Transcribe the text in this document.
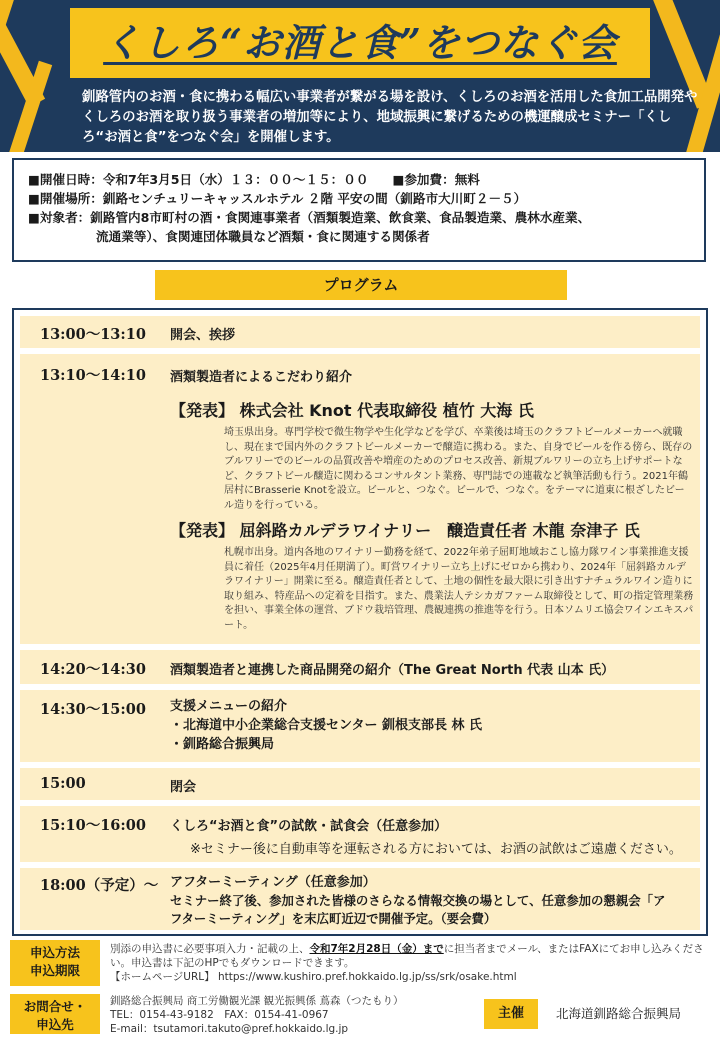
くしろ“お酒と食”をつなぐ会
釧路管内のお酒・食に携わる幅広い事業者が繋がる場を設け、くしろのお酒を活用した食加工品開発やくしろのお酒を取り扱う事業者の増加等により、地域振興に繋げるための機運醸成セミナー「くしろ“お酒と食”をつなぐ会」を開催します。
■開催日時：令和7年3月5日（水）１３：００～１５：００ ■参加費：無料
■開催場所：釧路センチュリーキャッスルホテル ２階 平安の間（釧路市大川町２－５）
■対象者：釧路管内8市町村の酒・食関連事業者（酒類製造業、飲食業、食品製造業、農林水産業、
流通業等）、食関連団体職員など酒類・食に関連する関係者
プログラム
13:00～13:10 開会、挨拶
13:10～14:10 酒類製造者によるこだわり紹介
【発表】 株式会社 Knot 代表取締役 植竹 大海 氏
埼玉県出身。専門学校で微生物学や生化学などを学び、卒業後は埼玉のクラフトビールメーカーへ就職し、現在まで国内外のクラフトビールメーカーで醸造に携わる。また、自身でビールを作る傍ら、既存のブルワリーでのビールの品質改善や増産のためのプロセス改善、新規ブルワリーの立ち上げサポートなど、クラフトビール醸造に関わるコンサルタント業務、専門誌での連載など執筆活動も行う。2021年鶴居村にBrasserie Knotを設立。ビールと、つなぐ。ビールで、つなぐ。をテーマに道東に根ざしたビール造りを行っている。
【発表】 屈斜路カルデラワイナリー　醸造責任者 木龍 奈津子 氏
札幌市出身。道内各地のワイナリー勤務を経て、2022年弟子屈町地域おこし協力隊ワイン事業推進支援員に着任（2025年4月任期満了）。町営ワイナリー立ち上げにゼロから携わり、2024年「屈斜路カルデラワイナリー」開業に至る。醸造責任者として、土地の個性を最大限に引き出すナチュラルワイン造りに取り組み、特産品への定着を目指す。また、農業法人テシカガファーム取締役として、町の指定管理業務を担い、事業全体の運営、ブドウ栽培管理、農観連携の推進等を行う。日本ソムリエ協会ワインエキスパート。
14:20～14:30 酒類製造者と連携した商品開発の紹介（The Great North 代表 山本 氏）
14:30～15:00 支援メニューの紹介
・北海道中小企業総合支援センター 釧根支部長 林 氏
・釧路総合振興局
15:00	閉会
15:10～16:00 くしろ“お酒と食”の試飲・試食会（任意参加）
※セミナー後に自動車等を運転される方においては、お酒の試飲はご遠慮ください。
18:00（予定）～ アフターミーティング（任意参加）
セミナー終了後、参加された皆様のさらなる情報交換の場として、任意参加の懇親会「ア
フターミーティング」を末広町近辺で開催予定。（要会費）
申込方法
申込期限
別添の申込書に必要事項入力・記載の上、令和7年2月28日（金）までに担当者までメール、またはFAXにてお申し込みください。申込書は下記のHPでもダウンロードできます。
【ホームページURL】 https://www.kushiro.pref.hokkaido.lg.jp/ss/srk/osake.html
お問合せ・
申込先
釧路総合振興局 商工労働観光課 観光振興係 蔦森（つたもり）
TEL：0154-43-9182　FAX：0154-41-0967
E-mail：tsutamori.takuto@pref.hokkaido.lg.jp
主催	北海道釧路総合振興局
